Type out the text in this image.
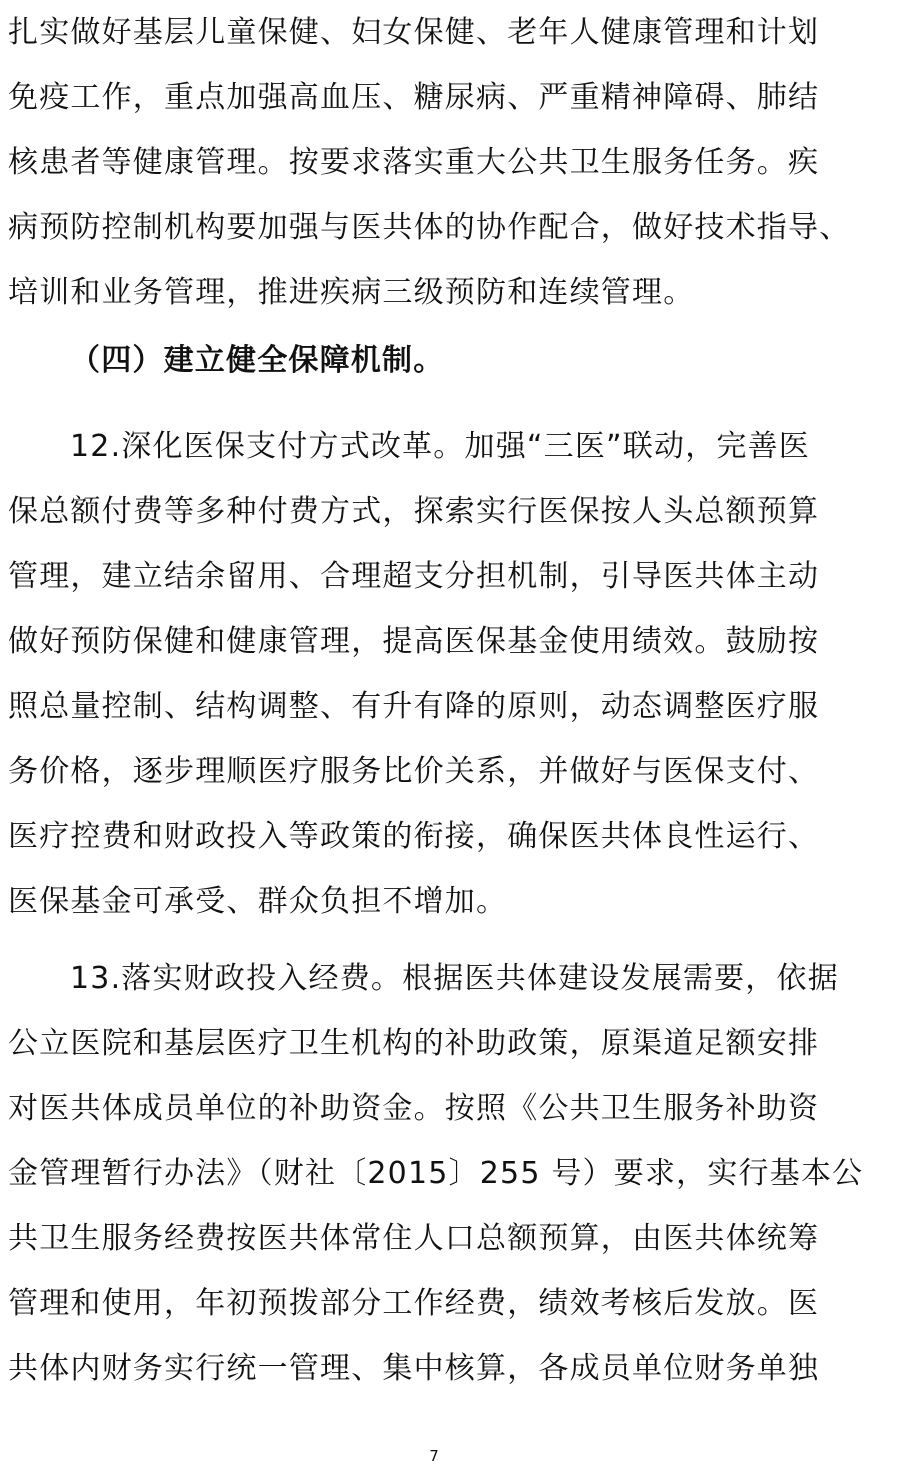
扎实做好基层儿童保健、妇女保健、老年人健康管理和计划
免疫工作，重点加强高血压、糖尿病、严重精神障碍、肺结
核患者等健康管理。按要求落实重大公共卫生服务任务。疾
病预防控制机构要加强与医共体的协作配合，做好技术指导、
培训和业务管理，推进疾病三级预防和连续管理。
（四）建立健全保障机制。
12.深化医保支付方式改革。加强“三医”联动，完善医
保总额付费等多种付费方式，探索实行医保按人头总额预算
管理，建立结余留用、合理超支分担机制，引导医共体主动
做好预防保健和健康管理，提高医保基金使用绩效。鼓励按
照总量控制、结构调整、有升有降的原则，动态调整医疗服
务价格，逐步理顺医疗服务比价关系，并做好与医保支付、
医疗控费和财政投入等政策的衔接，确保医共体良性运行、
医保基金可承受、群众负担不增加。
13.落实财政投入经费。根据医共体建设发展需要，依据
公立医院和基层医疗卫生机构的补助政策，原渠道足额安排
对医共体成员单位的补助资金。按照《公共卫生服务补助资
金管理暂行办法》（财社〔2015〕255 号）要求，实行基本公
共卫生服务经费按医共体常住人口总额预算，由医共体统筹
管理和使用，年初预拨部分工作经费，绩效考核后发放。医
共体内财务实行统一管理、集中核算，各成员单位财务单独
7
